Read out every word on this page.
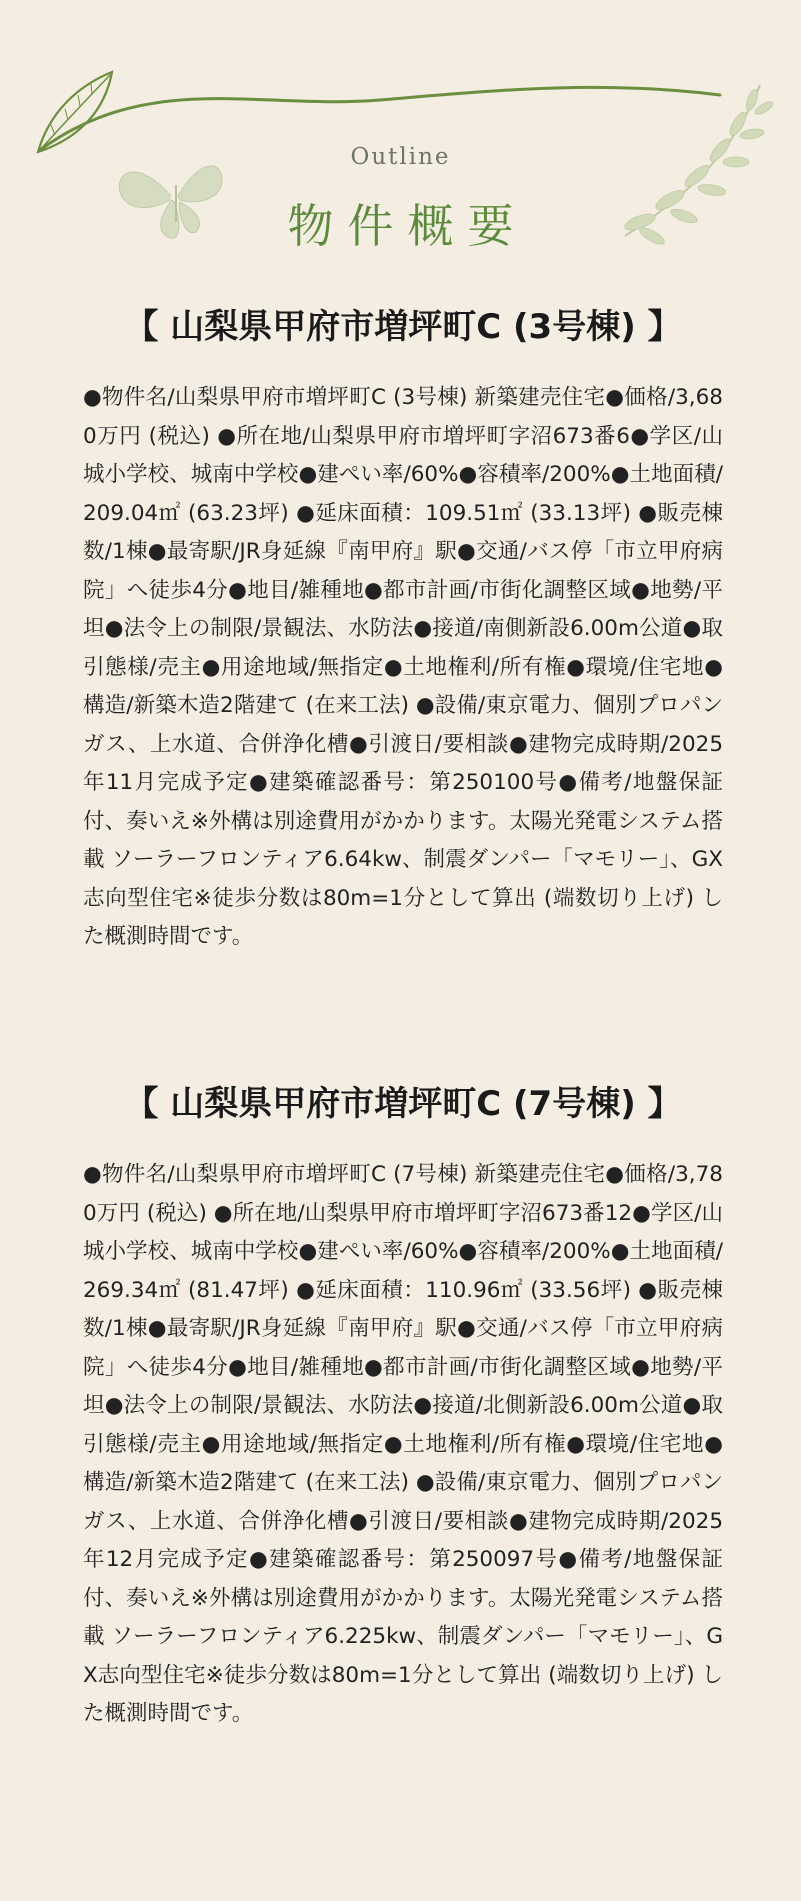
Outline
物件概要
【 山梨県甲府市増坪町C (3号棟) 】

●物件名/山梨県甲府市増坪町C (3号棟) 新築建売住宅●価格/3,680万円 (税込) ●所在地/山梨県甲府市増坪町字沼673番6●学区/山城小学校、城南中学校●建ぺい率/60%●容積率/200%●土地面積/209.04㎡ (63.23坪) ●延床面積：109.51㎡ (33.13坪) ●販売棟数/1棟●最寄駅/JR身延線『南甲府』駅●交通/バス停「市立甲府病院」へ徒歩4分●地目/雑種地●都市計画/市街化調整区域●地勢/平坦●法令上の制限/景観法、水防法●接道/南側新設6.00m公道●取引態様/売主●用途地域/無指定●土地権利/所有権●環境/住宅地●構造/新築木造2階建て (在来工法) ●設備/東京電力、個別プロパンガス、上水道、合併浄化槽●引渡日/要相談●建物完成時期/2025年11月完成予定●建築確認番号：第250100号●備考/地盤保証付、奏いえ※外構は別途費用がかかります。太陽光発電システム搭載 ソーラーフロンティア6.64kw、制震ダンパー「マモリー」、GX志向型住宅※徒歩分数は80m=1分として算出 (端数切り上げ) した概測時間です。

【 山梨県甲府市増坪町C (7号棟) 】

●物件名/山梨県甲府市増坪町C (7号棟) 新築建売住宅●価格/3,780万円 (税込) ●所在地/山梨県甲府市増坪町字沼673番12●学区/山城小学校、城南中学校●建ぺい率/60%●容積率/200%●土地面積/269.34㎡ (81.47坪) ●延床面積：110.96㎡ (33.56坪) ●販売棟数/1棟●最寄駅/JR身延線『南甲府』駅●交通/バス停「市立甲府病院」へ徒歩4分●地目/雑種地●都市計画/市街化調整区域●地勢/平坦●法令上の制限/景観法、水防法●接道/北側新設6.00m公道●取引態様/売主●用途地域/無指定●土地権利/所有権●環境/住宅地●構造/新築木造2階建て (在来工法) ●設備/東京電力、個別プロパンガス、上水道、合併浄化槽●引渡日/要相談●建物完成時期/2025年12月完成予定●建築確認番号：第250097号●備考/地盤保証付、奏いえ※外構は別途費用がかかります。太陽光発電システム搭載 ソーラーフロンティア6.225kw、制震ダンパー「マモリー」、GX志向型住宅※徒歩分数は80m=1分として算出 (端数切り上げ) した概測時間です。
